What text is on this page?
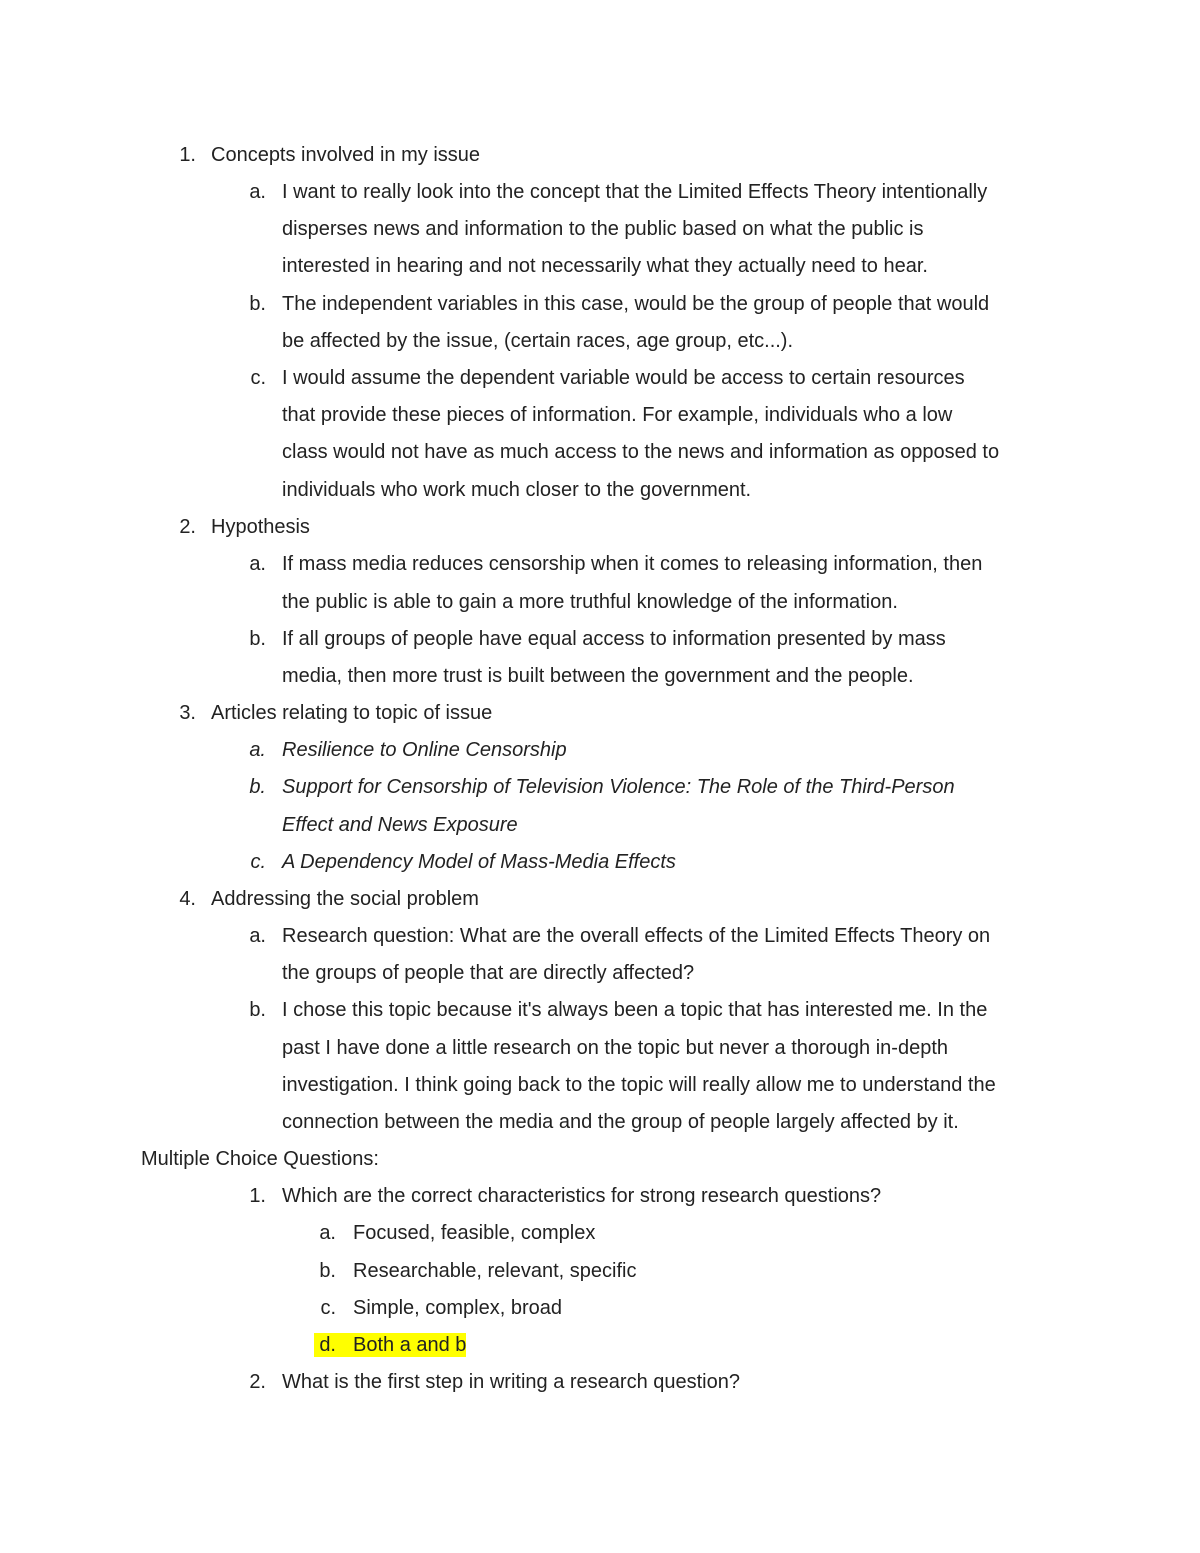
1. Concepts involved in my issue
a. I want to really look into the concept that the Limited Effects Theory intentionally
disperses news and information to the public based on what the public is
interested in hearing and not necessarily what they actually need to hear.
b. The independent variables in this case, would be the group of people that would
be affected by the issue, (certain races, age group, etc...).
c. I would assume the dependent variable would be access to certain resources
that provide these pieces of information. For example, individuals who a low
class would not have as much access to the news and information as opposed to
individuals who work much closer to the government.
2. Hypothesis
a. If mass media reduces censorship when it comes to releasing information, then
the public is able to gain a more truthful knowledge of the information.
b. If all groups of people have equal access to information presented by mass
media, then more trust is built between the government and the people.
3. Articles relating to topic of issue
a. Resilience to Online Censorship
b. Support for Censorship of Television Violence: The Role of the Third-Person
Effect and News Exposure
c. A Dependency Model of Mass-Media Effects
4. Addressing the social problem
a. Research question: What are the overall effects of the Limited Effects Theory on
the groups of people that are directly affected?
b. I chose this topic because it's always been a topic that has interested me. In the
past I have done a little research on the topic but never a thorough in-depth
investigation. I think going back to the topic will really allow me to understand the
connection between the media and the group of people largely affected by it.
Multiple Choice Questions:
1. Which are the correct characteristics for strong research questions?
a. Focused, feasible, complex
b. Researchable, relevant, specific
c. Simple, complex, broad
d. Both a and b
2. What is the first step in writing a research question?
